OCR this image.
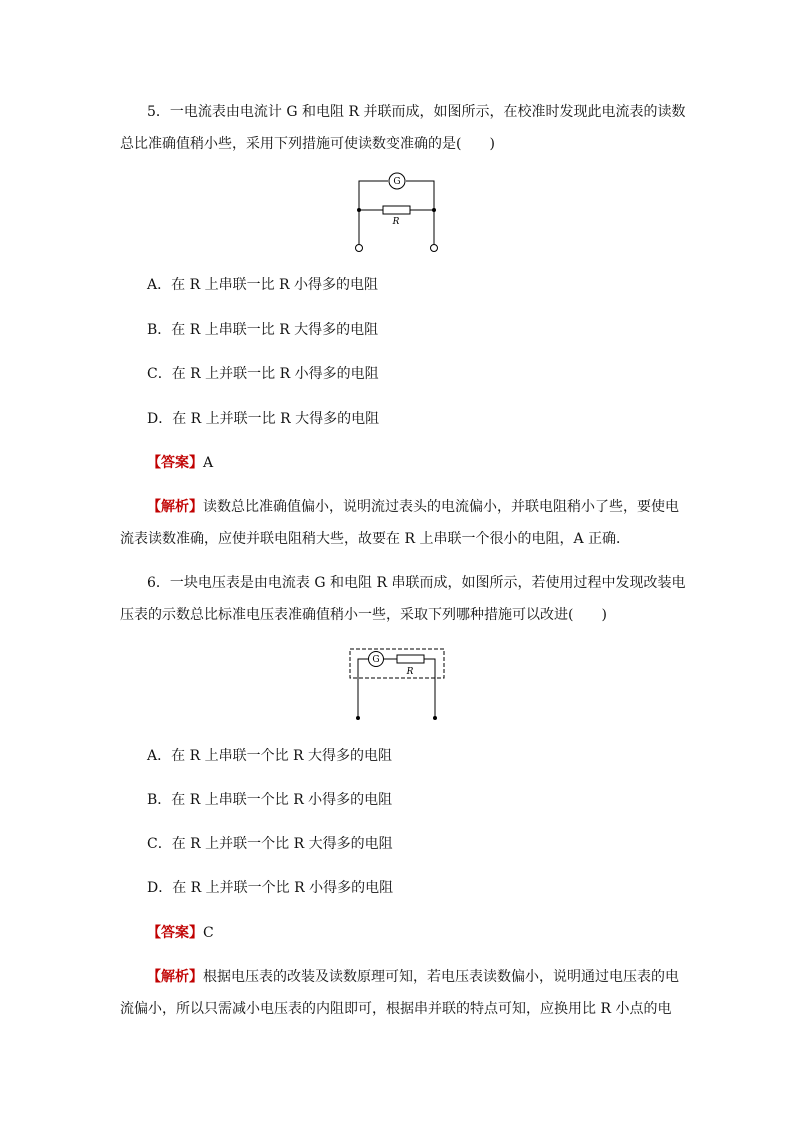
5．一电流表由电流计 G 和电阻 R 并联而成，如图所示，在校准时发现此电流表的读数
总比准确值稍小些，采用下列措施可使读数变准确的是(　　)
G
R
A．在 R 上串联一比 R 小得多的电阻
B．在 R 上串联一比 R 大得多的电阻
C．在 R 上并联一比 R 小得多的电阻
D．在 R 上并联一比 R 大得多的电阻
【答案】A
【解析】读数总比准确值偏小，说明流过表头的电流偏小，并联电阻稍小了些，要使电
流表读数准确，应使并联电阻稍大些，故要在 R 上串联一个很小的电阻，A 正确．
6．一块电压表是由电流表 G 和电阻 R 串联而成，如图所示，若使用过程中发现改装电
压表的示数总比标准电压表准确值稍小一些，采取下列哪种措施可以改进(　　)
G
R
A．在 R 上串联一个比 R 大得多的电阻
B．在 R 上串联一个比 R 小得多的电阻
C．在 R 上并联一个比 R 大得多的电阻
D．在 R 上并联一个比 R 小得多的电阻
【答案】C
【解析】根据电压表的改装及读数原理可知，若电压表读数偏小，说明通过电压表的电
流偏小，所以只需减小电压表的内阻即可，根据串并联的特点可知，应换用比 R 小点的电
